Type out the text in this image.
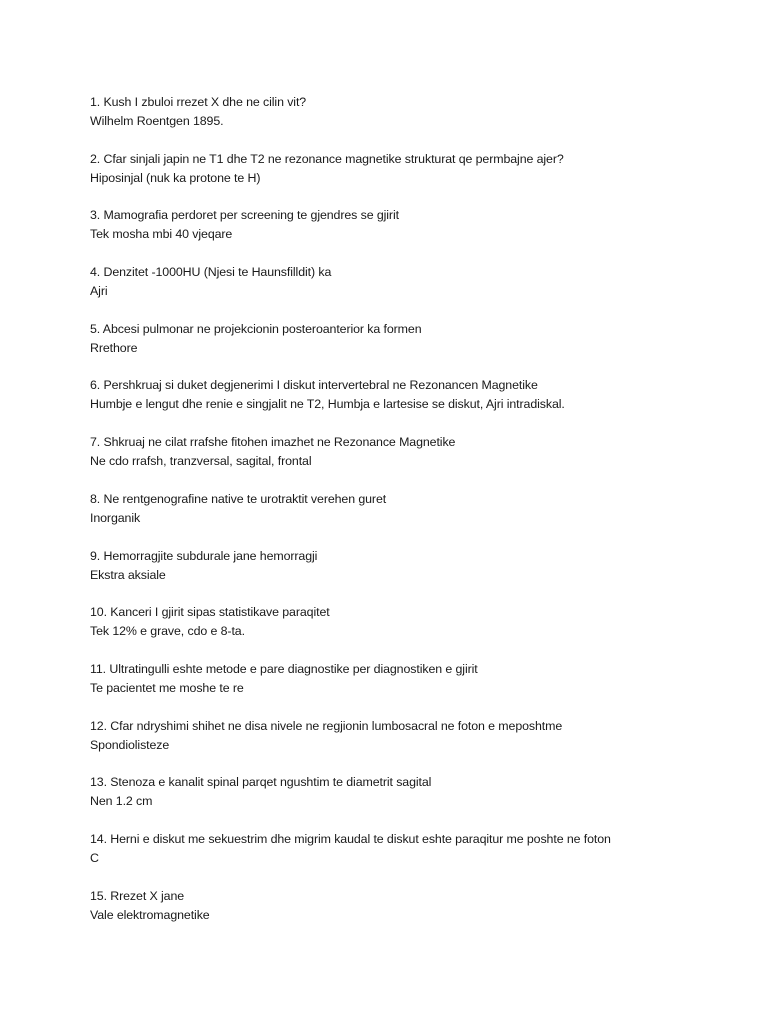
1. Kush I zbuloi rrezet X dhe ne cilin vit?
Wilhelm Roentgen 1895.
2. Cfar sinjali japin ne T1 dhe T2 ne rezonance magnetike strukturat qe permbajne ajer?
Hiposinjal (nuk ka protone te H)
3. Mamografia perdoret per screening te gjendres se gjirit
Tek mosha mbi 40 vjeqare
4. Denzitet -1000HU (Njesi te Haunsfilldit) ka
Ajri
5. Abcesi pulmonar ne projekcionin posteroanterior ka formen
Rrethore
6. Pershkruaj si duket degjenerimi I diskut intervertebral ne Rezonancen Magnetike
Humbje e lengut dhe renie e singjalit ne T2, Humbja e lartesise se diskut, Ajri intradiskal.
7. Shkruaj ne cilat rrafshe fitohen imazhet ne Rezonance Magnetike
Ne cdo rrafsh, tranzversal, sagital, frontal
8. Ne rentgenografine native te urotraktit verehen guret
Inorganik
9. Hemorragjite subdurale jane hemorragji
Ekstra aksiale
10. Kanceri I gjirit sipas statistikave paraqitet
Tek 12% e grave, cdo e 8-ta.
11. Ultratingulli eshte metode e pare diagnostike per diagnostiken e gjirit
Te pacientet me moshe te re
12. Cfar ndryshimi shihet ne disa nivele ne regjionin lumbosacral ne foton e meposhtme
Spondiolisteze
13. Stenoza e kanalit spinal parqet ngushtim te diametrit sagital
Nen 1.2 cm
14. Herni e diskut me sekuestrim dhe migrim kaudal te diskut eshte paraqitur me poshte ne foton
C
15. Rrezet X jane
Vale elektromagnetike
